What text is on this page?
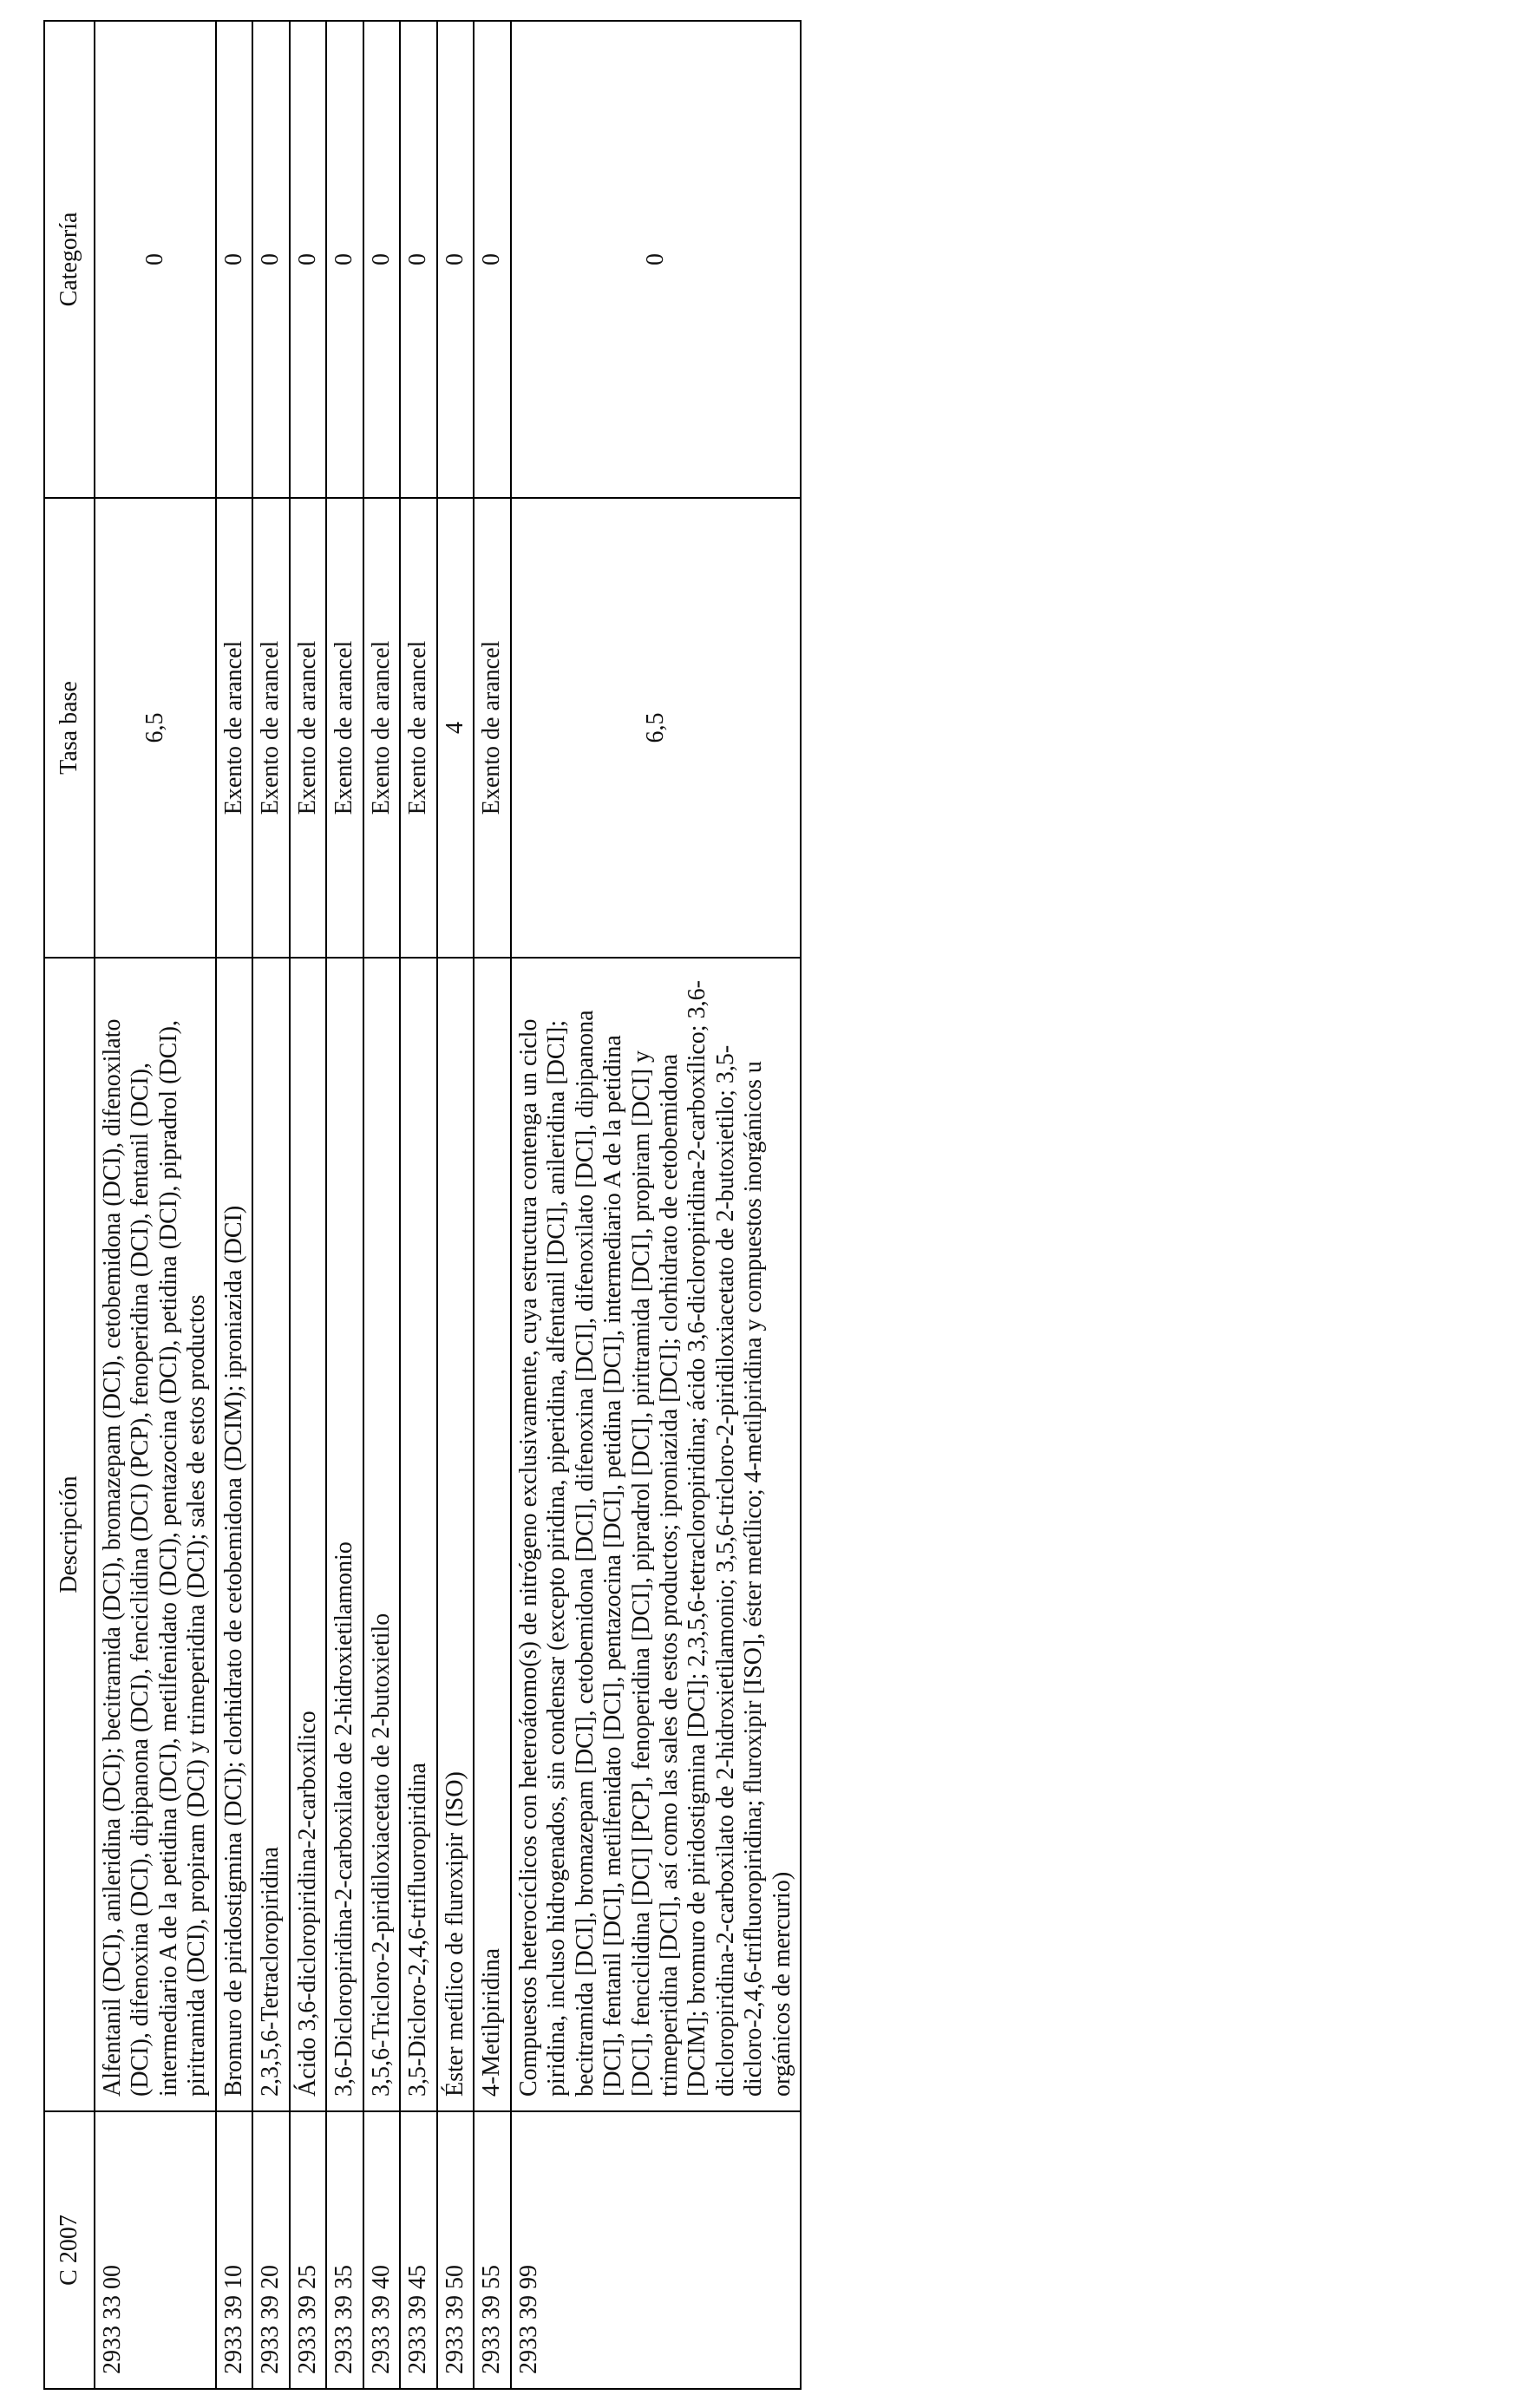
C 2007	Descripción	Tasa base	Categoría
2933 33 00	Alfentanil (DCI), anileridina (DCI); becitramida (DCI), bromazepam (DCI), cetobemidona (DCI), difenoxilato (DCI), difenoxina (DCI), dipipanona (DCI), fenciclidina (DCI) (PCP), fenoperidina (DCI), fentanil (DCI), intermediario A de la petidina (DCI), metilfenidato (DCI), pentazocina (DCI), petidina (DCI), pipradrol (DCI), piritramida (DCI), propiram (DCI) y trimeperidina (DCI); sales de estos productos	6,5	0
2933 39 10	Bromuro de piridostigmina (DCI); clorhidrato de cetobemidona (DCIM); iproniazida (DCI)	Exento de arancel	0
2933 39 20	2,3,5,6-Tetracloropiridina	Exento de arancel	0
2933 39 25	Ácido 3,6-dicloropiridina-2-carboxílico	Exento de arancel	0
2933 39 35	3,6-Dicloropiridina-2-carboxilato de 2-hidroxietilamonio	Exento de arancel	0
2933 39 40	3,5,6-Tricloro-2-piridiloxiacetato de 2-butoxietilo	Exento de arancel	0
2933 39 45	3,5-Dicloro-2,4,6-trifluoropiridina	Exento de arancel	0
2933 39 50	Éster metílico de fluroxipir (ISO)	4	0
2933 39 55	4-Metilpiridina	Exento de arancel	0
2933 39 99	Compuestos heterocíclicos con heteroátomo(s) de nitrógeno exclusivamente, cuya estructura contenga un ciclo piridina, incluso hidrogenados, sin condensar (excepto piridina, piperidina, alfentanil [DCI], anileridina [DCI]; becitramida [DCI], bromazepam [DCI], cetobemidona [DCI], difenoxina [DCI], difenoxilato [DCI], dipipanona [DCI], fentanil [DCI], metilfenidato [DCI], pentazocina [DCI], petidina [DCI], intermediario A de la petidina [DCI], fenciclidina [DCI] [PCP], fenoperidina [DCI], pipradrol [DCI], piritramida [DCI], propiram [DCI] y trimeperidina [DCI], así como las sales de estos productos; iproniazida [DCI]; clorhidrato de cetobemidona [DCIM]; bromuro de piridostigmina [DCI]; 2,3,5,6-tetracloropiridina; ácido 3,6-dicloropiridina-2-carboxílico; 3,6-dicloropiridina-2-carboxilato de 2-hidroxietilamonio; 3,5,6-tricloro-2-piridiloxiacetato de 2-butoxietilo; 3,5-dicloro-2,4,6-trifluoropiridina; fluroxipir [ISO], éster metílico; 4-metilpiridina y compuestos inorgánicos u orgánicos de mercurio)	6,5	0
